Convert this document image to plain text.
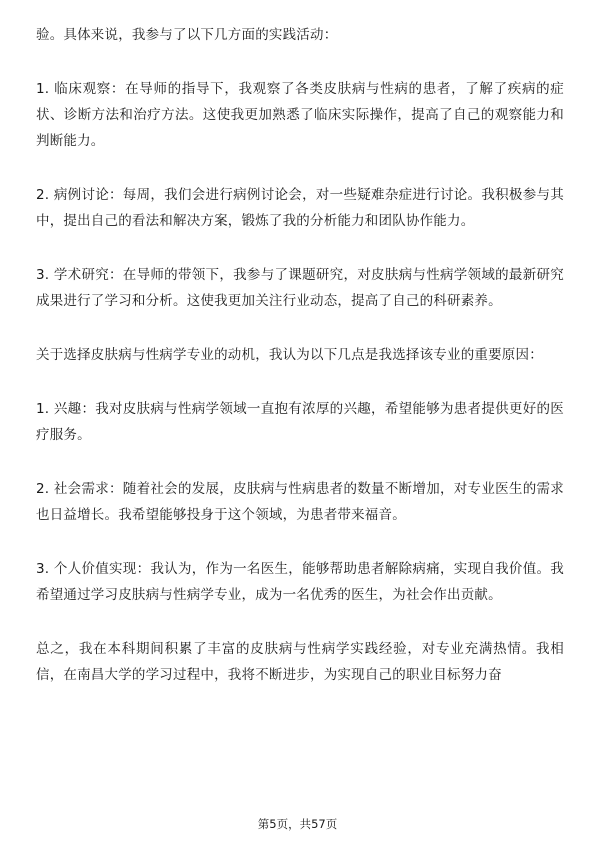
验。具体来说，我参与了以下几方面的实践活动：

1. 临床观察：在导师的指导下，我观察了各类皮肤病与性病的患者，了解了疾病的症状、诊断方法和治疗方法。这使我更加熟悉了临床实际操作，提高了自己的观察能力和判断能力。

2. 病例讨论：每周，我们会进行病例讨论会，对一些疑难杂症进行讨论。我积极参与其中，提出自己的看法和解决方案，锻炼了我的分析能力和团队协作能力。

3. 学术研究：在导师的带领下，我参与了课题研究，对皮肤病与性病学领域的最新研究成果进行了学习和分析。这使我更加关注行业动态，提高了自己的科研素养。

关于选择皮肤病与性病学专业的动机，我认为以下几点是我选择该专业的重要原因：

1. 兴趣：我对皮肤病与性病学领域一直抱有浓厚的兴趣，希望能够为患者提供更好的医疗服务。

2. 社会需求：随着社会的发展，皮肤病与性病患者的数量不断增加，对专业医生的需求也日益增长。我希望能够投身于这个领域，为患者带来福音。

3. 个人价值实现：我认为，作为一名医生，能够帮助患者解除病痛，实现自我价值。我希望通过学习皮肤病与性病学专业，成为一名优秀的医生，为社会作出贡献。

总之，我在本科期间积累了丰富的皮肤病与性病学实践经验，对专业充满热情。我相信，在南昌大学的学习过程中，我将不断进步，为实现自己的职业目标努力奋

第5页，共57页
